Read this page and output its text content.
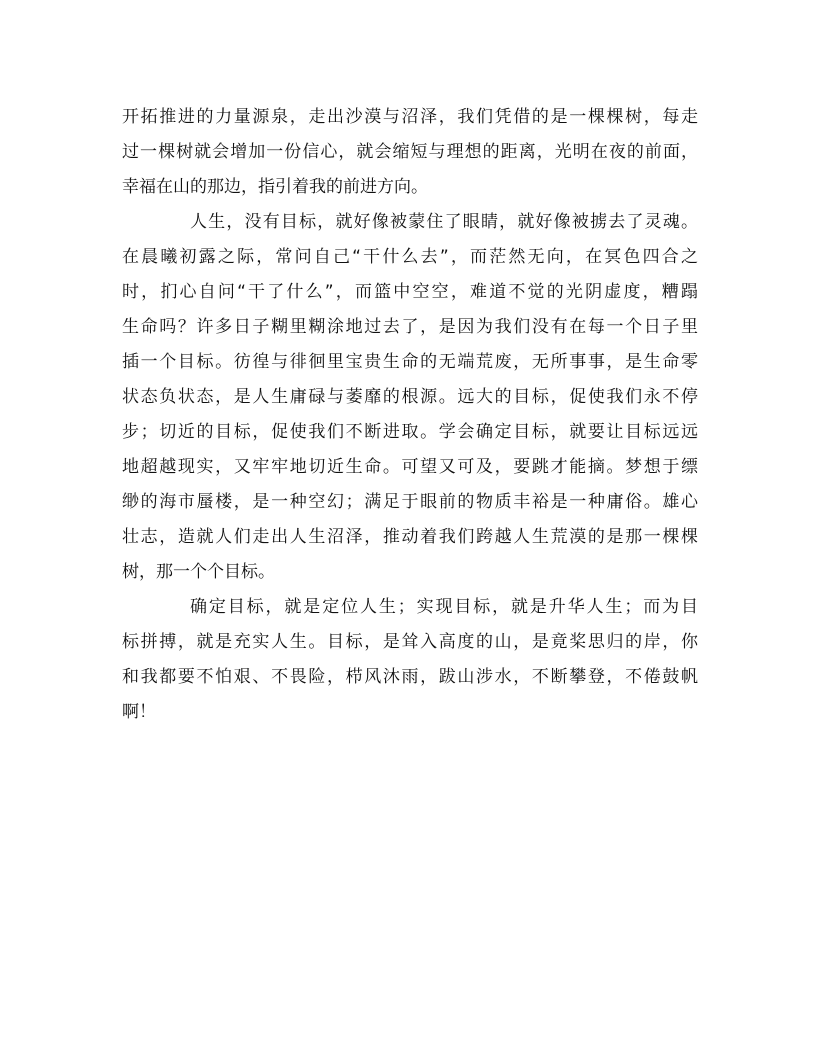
开拓推进的力量源泉，走出沙漠与沼泽，我们凭借的是一棵棵树，每走
过一棵树就会增加一份信心，就会缩短与理想的距离，光明在夜的前面，
幸福在山的那边，指引着我的前进方向。
人生，没有目标，就好像被蒙住了眼睛，就好像被掳去了灵魂。
在晨曦初露之际，常问自己“干什么去”，而茫然无向，在冥色四合之
时，扪心自问“干了什么”，而篮中空空，难道不觉的光阴虚度，糟蹋
生命吗？许多日子糊里糊涂地过去了，是因为我们没有在每一个日子里
插一个目标。彷徨与徘徊里宝贵生命的无端荒废，无所事事，是生命零
状态负状态，是人生庸碌与萎靡的根源。远大的目标，促使我们永不停
步；切近的目标，促使我们不断进取。学会确定目标，就要让目标远远
地超越现实，又牢牢地切近生命。可望又可及，要跳才能摘。梦想于缥
缈的海市蜃楼，是一种空幻；满足于眼前的物质丰裕是一种庸俗。雄心
壮志，造就人们走出人生沼泽，推动着我们跨越人生荒漠的是那一棵棵
树，那一个个目标。
确定目标，就是定位人生；实现目标，就是升华人生；而为目
标拼搏，就是充实人生。目标，是耸入高度的山，是竟桨思归的岸，你
和我都要不怕艰、不畏险，栉风沐雨，跋山涉水，不断攀登，不倦鼓帆
啊！
